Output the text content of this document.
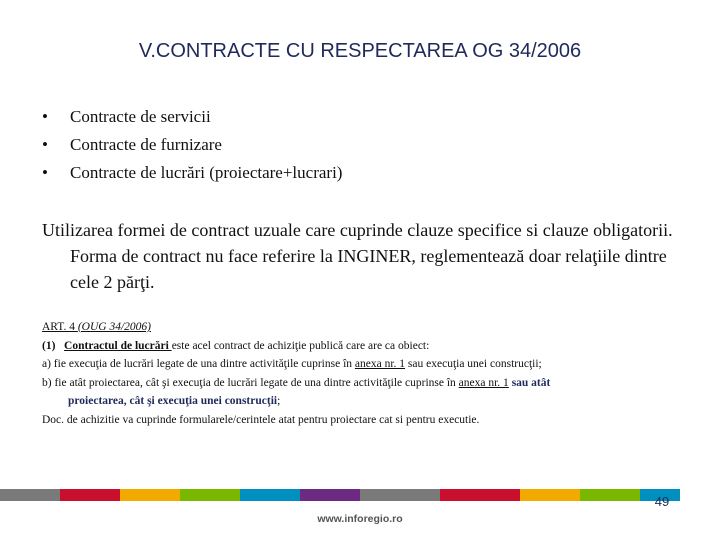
V.CONTRACTE CU RESPECTAREA OG 34/2006
•	Contracte de servicii
•	Contracte de furnizare
•	Contracte de lucrări (proiectare+lucrari)
Utilizarea formei de contract uzuale care cuprinde clauze specifice si clauze obligatorii. Forma de contract nu face referire la INGINER, reglementează doar relaţiile dintre cele 2 părţi.
ART. 4 (OUG 34/2006)
(1) Contractul de lucrări este acel contract de achiziţie publică care are ca obiect:
a) fie execuţia de lucrări legate de una dintre activităţile cuprinse în anexa nr. 1 sau execuţia unei construcţii;
b) fie atât proiectarea, cât şi execuţia de lucrări legate de una dintre activităţile cuprinse în anexa nr. 1 sau atât
proiectarea, cât şi execuţia unei construcţii;
Doc. de achizitie va cuprinde formularele/cerintele atat pentru proiectare cat si pentru executie.
49
www.inforegio.ro
